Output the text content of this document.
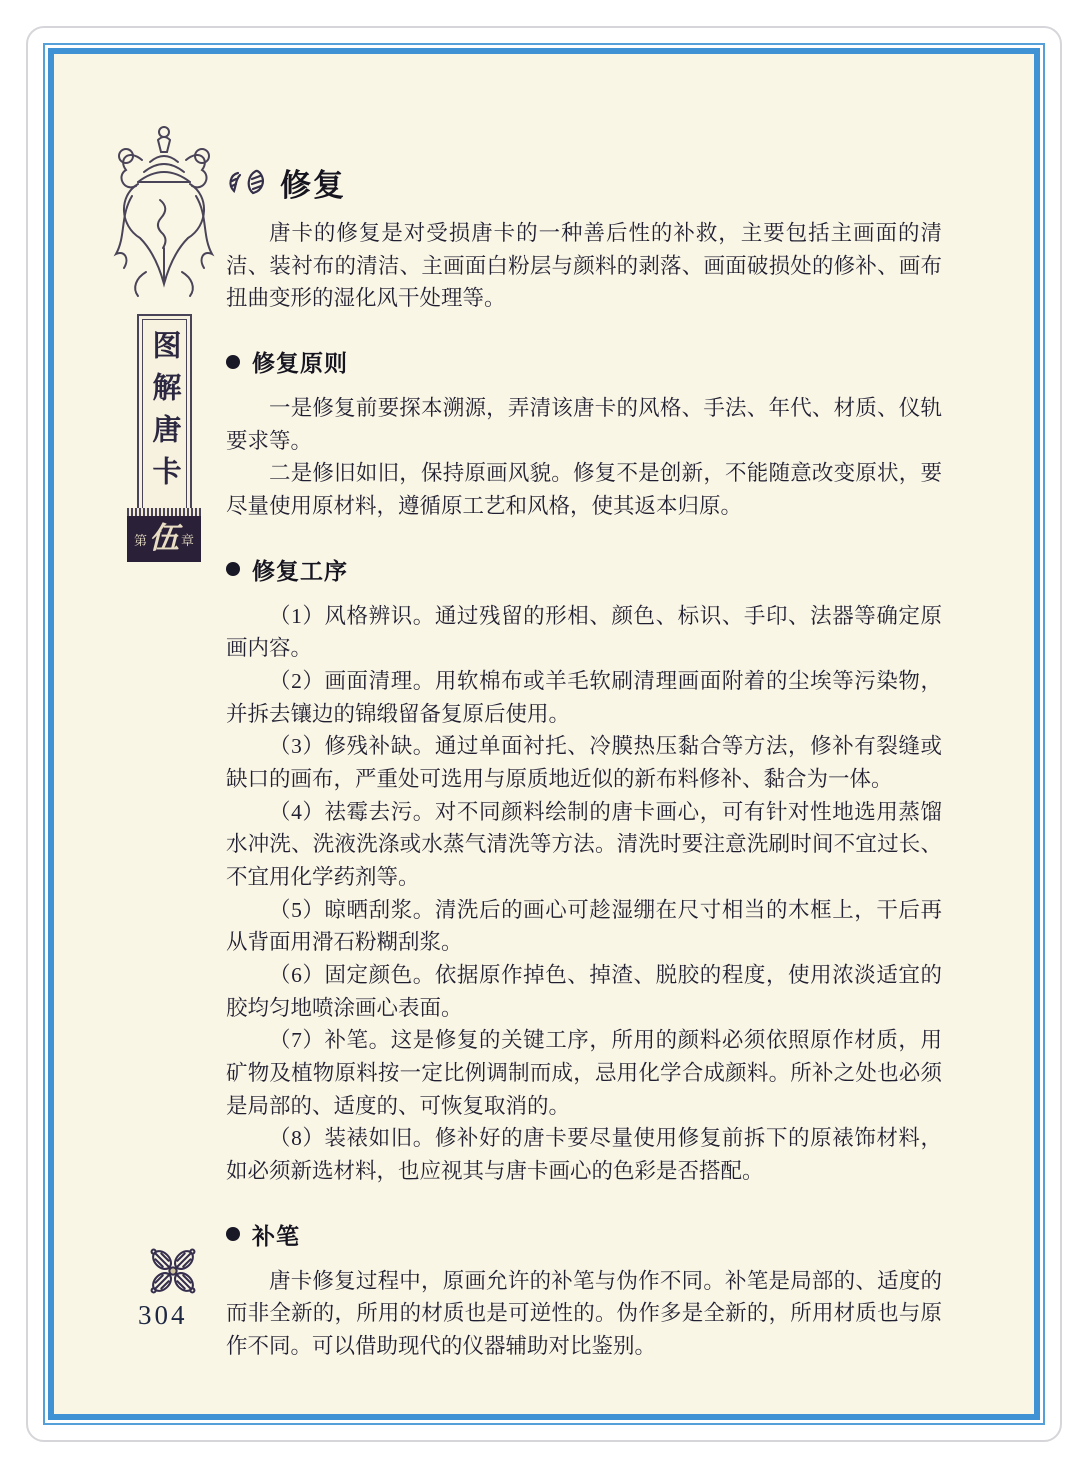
图解唐卡
第 伍 章
修复

唐卡的修复是对受损唐卡的一种善后性的补救，主要包括主画面的清洁、装衬布的清洁、主画面白粉层与颜料的剥落、画面破损处的修补、画布扭曲变形的湿化风干处理等。

修复原则

一是修复前要探本溯源，弄清该唐卡的风格、手法、年代、材质、仪轨要求等。

二是修旧如旧，保持原画风貌。修复不是创新，不能随意改变原状，要尽量使用原材料，遵循原工艺和风格，使其返本归原。

修复工序

（1）风格辨识。通过残留的形相、颜色、标识、手印、法器等确定原画内容。

（2）画面清理。用软棉布或羊毛软刷清理画面附着的尘埃等污染物，并拆去镶边的锦缎留备复原后使用。

（3）修残补缺。通过单面衬托、冷膜热压黏合等方法，修补有裂缝或缺口的画布，严重处可选用与原质地近似的新布料修补、黏合为一体。

（4）祛霉去污。对不同颜料绘制的唐卡画心，可有针对性地选用蒸馏水冲洗、洗液洗涤或水蒸气清洗等方法。清洗时要注意洗刷时间不宜过长、不宜用化学药剂等。

（5）晾晒刮浆。清洗后的画心可趁湿绷在尺寸相当的木框上，干后再从背面用滑石粉糊刮浆。

（6）固定颜色。依据原作掉色、掉渣、脱胶的程度，使用浓淡适宜的胶均匀地喷涂画心表面。

（7）补笔。这是修复的关键工序，所用的颜料必须依照原作材质，用矿物及植物原料按一定比例调制而成，忌用化学合成颜料。所补之处也必须是局部的、适度的、可恢复取消的。

（8）装裱如旧。修补好的唐卡要尽量使用修复前拆下的原裱饰材料，如必须新选材料，也应视其与唐卡画心的色彩是否搭配。

补笔

唐卡修复过程中，原画允许的补笔与伪作不同。补笔是局部的、适度的而非全新的，所用的材质也是可逆性的。伪作多是全新的，所用材质也与原作不同。可以借助现代的仪器辅助对比鉴别。

304
